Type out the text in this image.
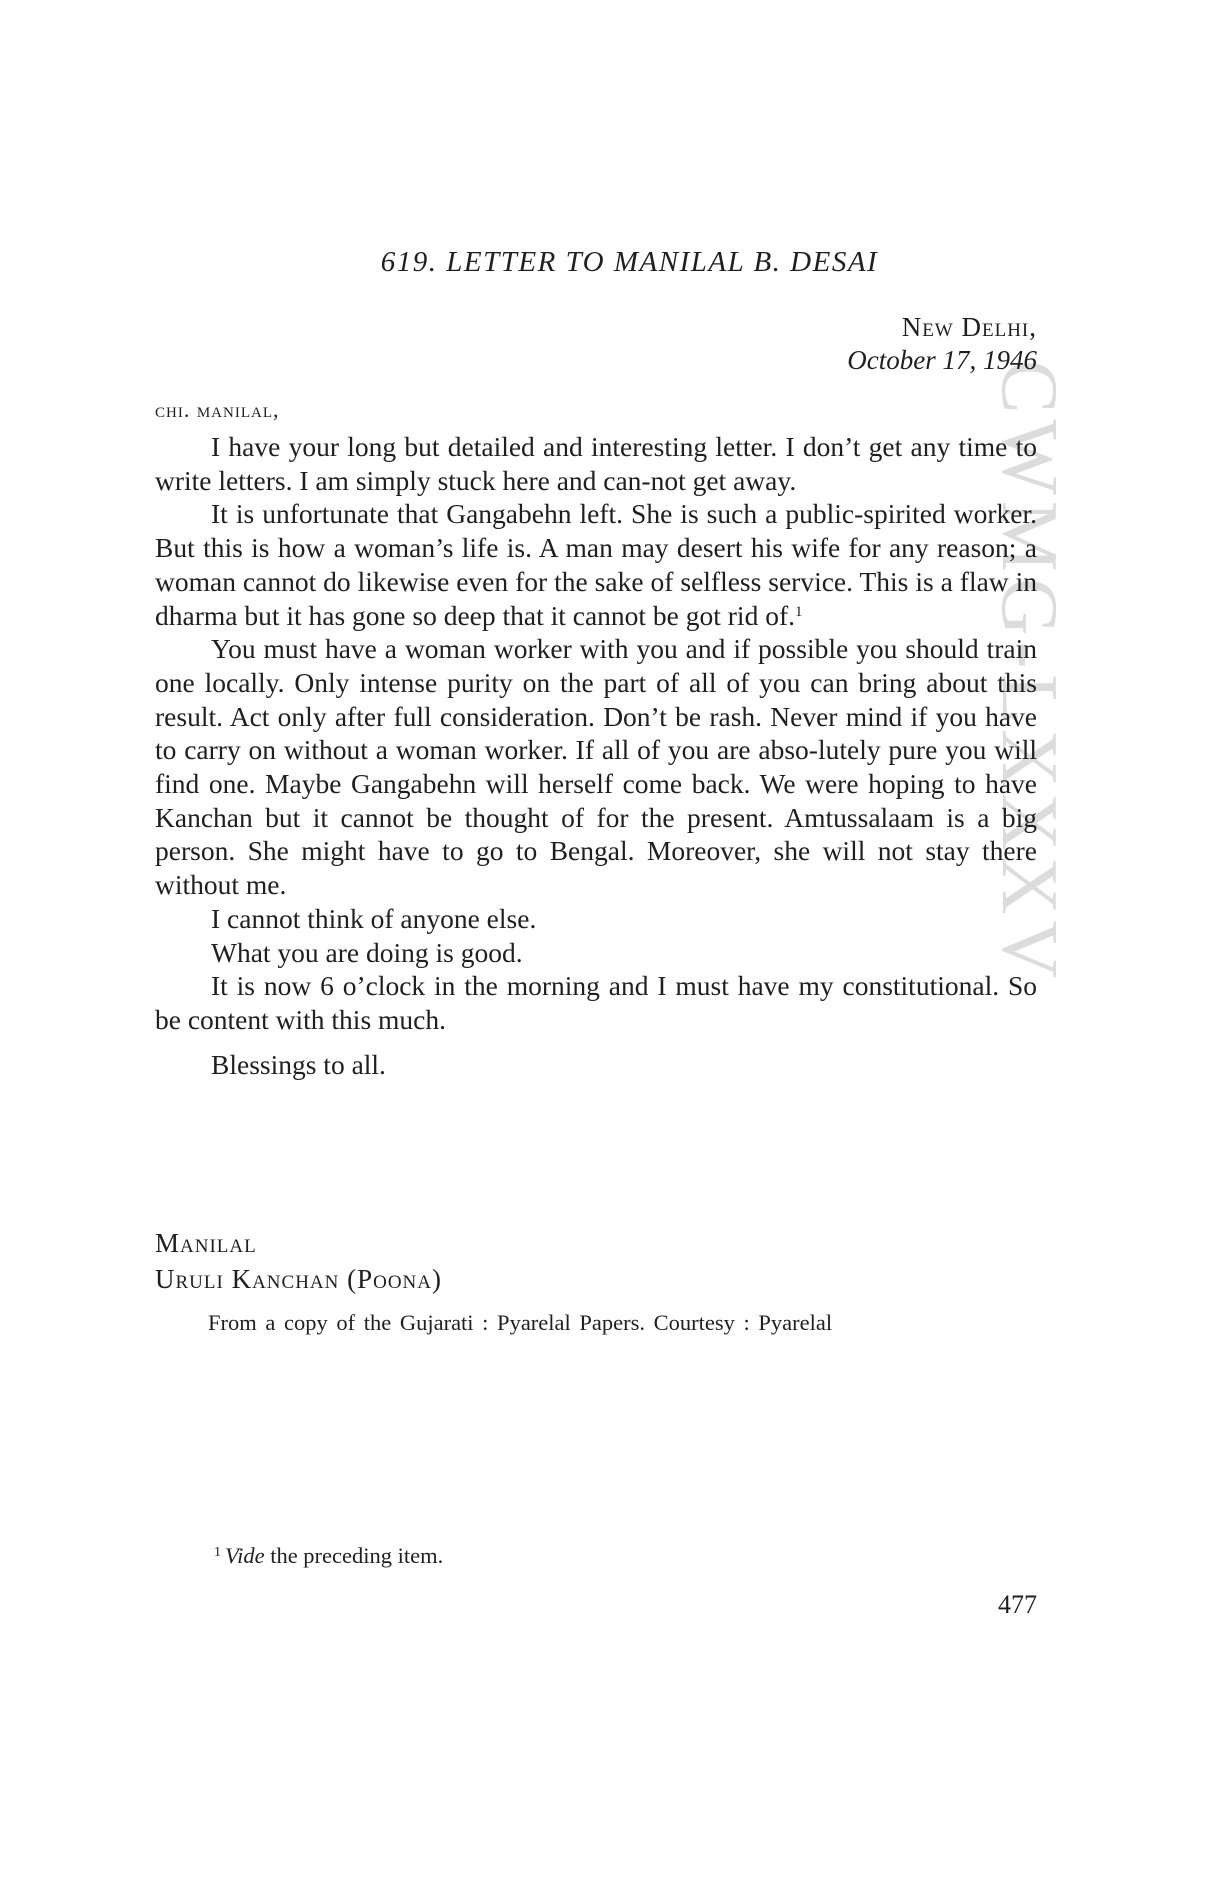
CWMG-LXXXV
619. LETTER TO MANILAL B. DESAI
New Delhi,
October 17, 1946
chi. manilal,

I have your long but detailed and interesting letter. I don’t get any time to write letters. I am simply stuck here and can-not get away.

It is unfortunate that Gangabehn left. She is such a public-spirited worker. But this is how a woman’s life is. A man may desert his wife for any reason; a woman cannot do likewise even for the sake of selfless service. This is a flaw in dharma but it has gone so deep that it cannot be got rid of.$^1$

You must have a woman worker with you and if possible you should train one locally. Only intense purity on the part of all of you can bring about this result. Act only after full consideration. Don’t be rash. Never mind if you have to carry on without a woman worker. If all of you are abso-lutely pure you will find one. Maybe Gangabehn will herself come back. We were hoping to have Kanchan but it cannot be thought of for the present. Amtussalaam is a big person. She might have to go to Bengal. Moreover, she will not stay there without me.

I cannot think of anyone else.

What you are doing is good.

It is now 6 o’clock in the morning and I must have my constitutional. So be content with this much.

Blessings to all.

Manilal
Uruli Kanchan (Poona)
From a copy of the Gujarati : Pyarelal Papers. Courtesy : Pyarelal
$^1$ Vide the preceding item.
477
